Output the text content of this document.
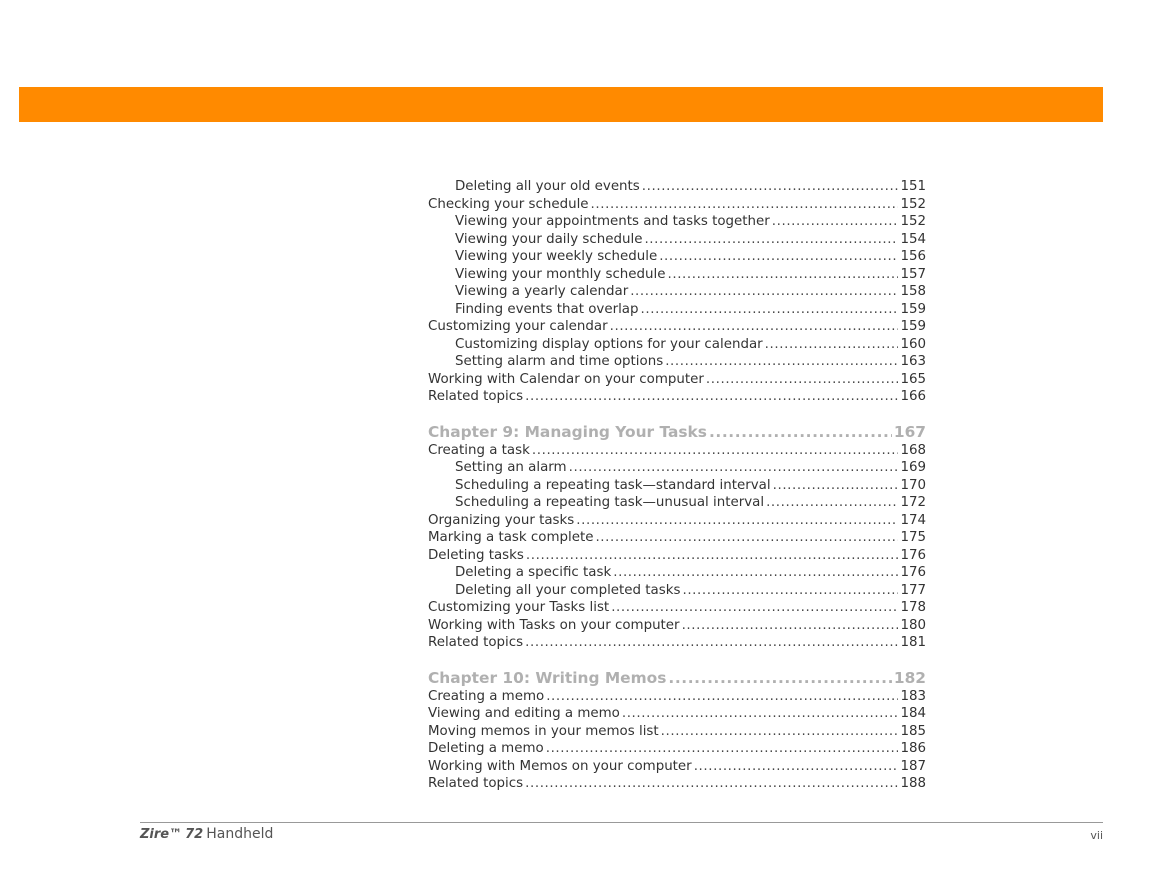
Deleting all your old events .....	151
Checking your schedule .....	152
Viewing your appointments and tasks together .....	152
Viewing your daily schedule .....	154
Viewing your weekly schedule .....	156
Viewing your monthly schedule .....	157
Viewing a yearly calendar .....	158
Finding events that overlap .....	159
Customizing your calendar .....	159
Customizing display options for your calendar .....	160
Setting alarm and time options .....	163
Working with Calendar on your computer .....	165
Related topics .....	166
Chapter 9: Managing Your Tasks .....	167
Creating a task .....	168
Setting an alarm .....	169
Scheduling a repeating task—standard interval .....	170
Scheduling a repeating task—unusual interval .....	172
Organizing your tasks .....	174
Marking a task complete .....	175
Deleting tasks .....	176
Deleting a specific task .....	176
Deleting all your completed tasks .....	177
Customizing your Tasks list .....	178
Working with Tasks on your computer .....	180
Related topics .....	181
Chapter 10: Writing Memos .....	182
Creating a memo .....	183
Viewing and editing a memo .....	184
Moving memos in your memos list .....	185
Deleting a memo .....	186
Working with Memos on your computer .....	187
Related topics .....	188
Zire™ 72 Handheld	vii
